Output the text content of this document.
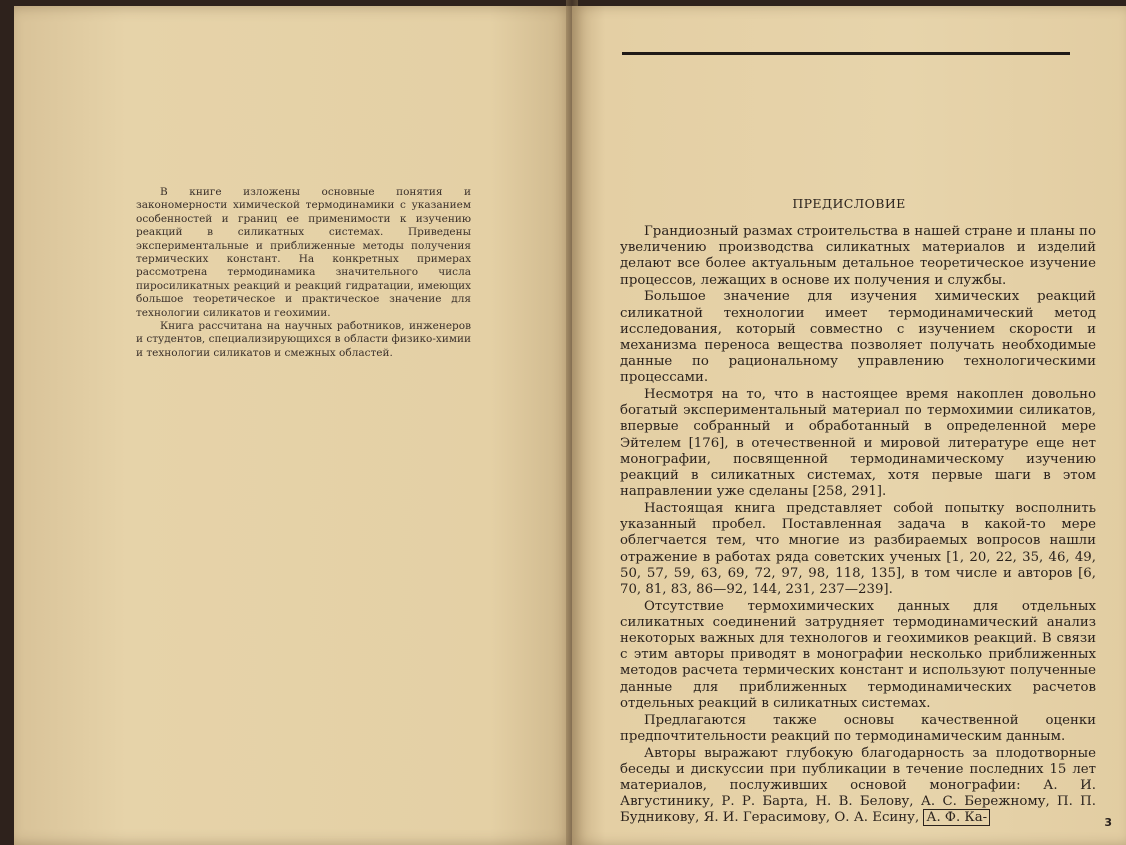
В книге изложены основные понятия и закономерности химической термодинамики с указанием особенностей и границ ее применимости к изучению реакций в силикатных системах. Приведены экспериментальные и приближенные методы получения термических констант. На конкретных примерах рассмотрена термодинамика значительного числа пиросиликатных реакций и реакций гидратации, имеющих большое теоретическое и практическое значение для технологии силикатов и геохимии.

Книга рассчитана на научных работников, инженеров и студентов, специализирующихся в области физико-химии и технологии силикатов и смежных областей.

ПРЕДИСЛОВИЕ

Грандиозный размах строительства в нашей стране и планы по увеличению производства силикатных материалов и изделий делают все более актуальным детальное теоретическое изучение процессов, лежащих в основе их получения и службы.

Большое значение для изучения химических реакций силикатной технологии имеет термодинамический метод исследования, который совместно с изучением скорости и механизма переноса вещества позволяет получать необходимые данные по рациональному управлению технологическими процессами.

Несмотря на то, что в настоящее время накоплен довольно богатый экспериментальный материал по термохимии силикатов, впервые собранный и обработанный в определенной мере Эйтелем [176], в отечественной и мировой литературе еще нет монографии, посвященной термодинамическому изучению реакций в силикатных системах, хотя первые шаги в этом направлении уже сделаны [258, 291].

Настоящая книга представляет собой попытку восполнить указанный пробел. Поставленная задача в какой-то мере облегчается тем, что многие из разбираемых вопросов нашли отражение в работах ряда советских ученых [1, 20, 22, 35, 46, 49, 50, 57, 59, 63, 69, 72, 97, 98, 118, 135], в том числе и авторов [6, 70, 81, 83, 86—92, 144, 231, 237—239].

Отсутствие термохимических данных для отдельных силикатных соединений затрудняет термодинамический анализ некоторых важных для технологов и геохимиков реакций. В связи с этим авторы приводят в монографии несколько приближенных методов расчета термических констант и используют полученные данные для приближенных термодинамических расчетов отдельных реакций в силикатных системах.

Предлагаются также основы качественной оценки предпочтительности реакций по термодинамическим данным.

Авторы выражают глубокую благодарность за плодотворные беседы и дискуссии при публикации в течение последних 15 лет материалов, послуживших основой монографии: А. И. Августинику, Р. Р. Барта, Н. В. Белову, А. С. Бережному, П. П. Будникову, Я. И. Герасимову, О. А. Есину, А. Ф. Ка-	3
